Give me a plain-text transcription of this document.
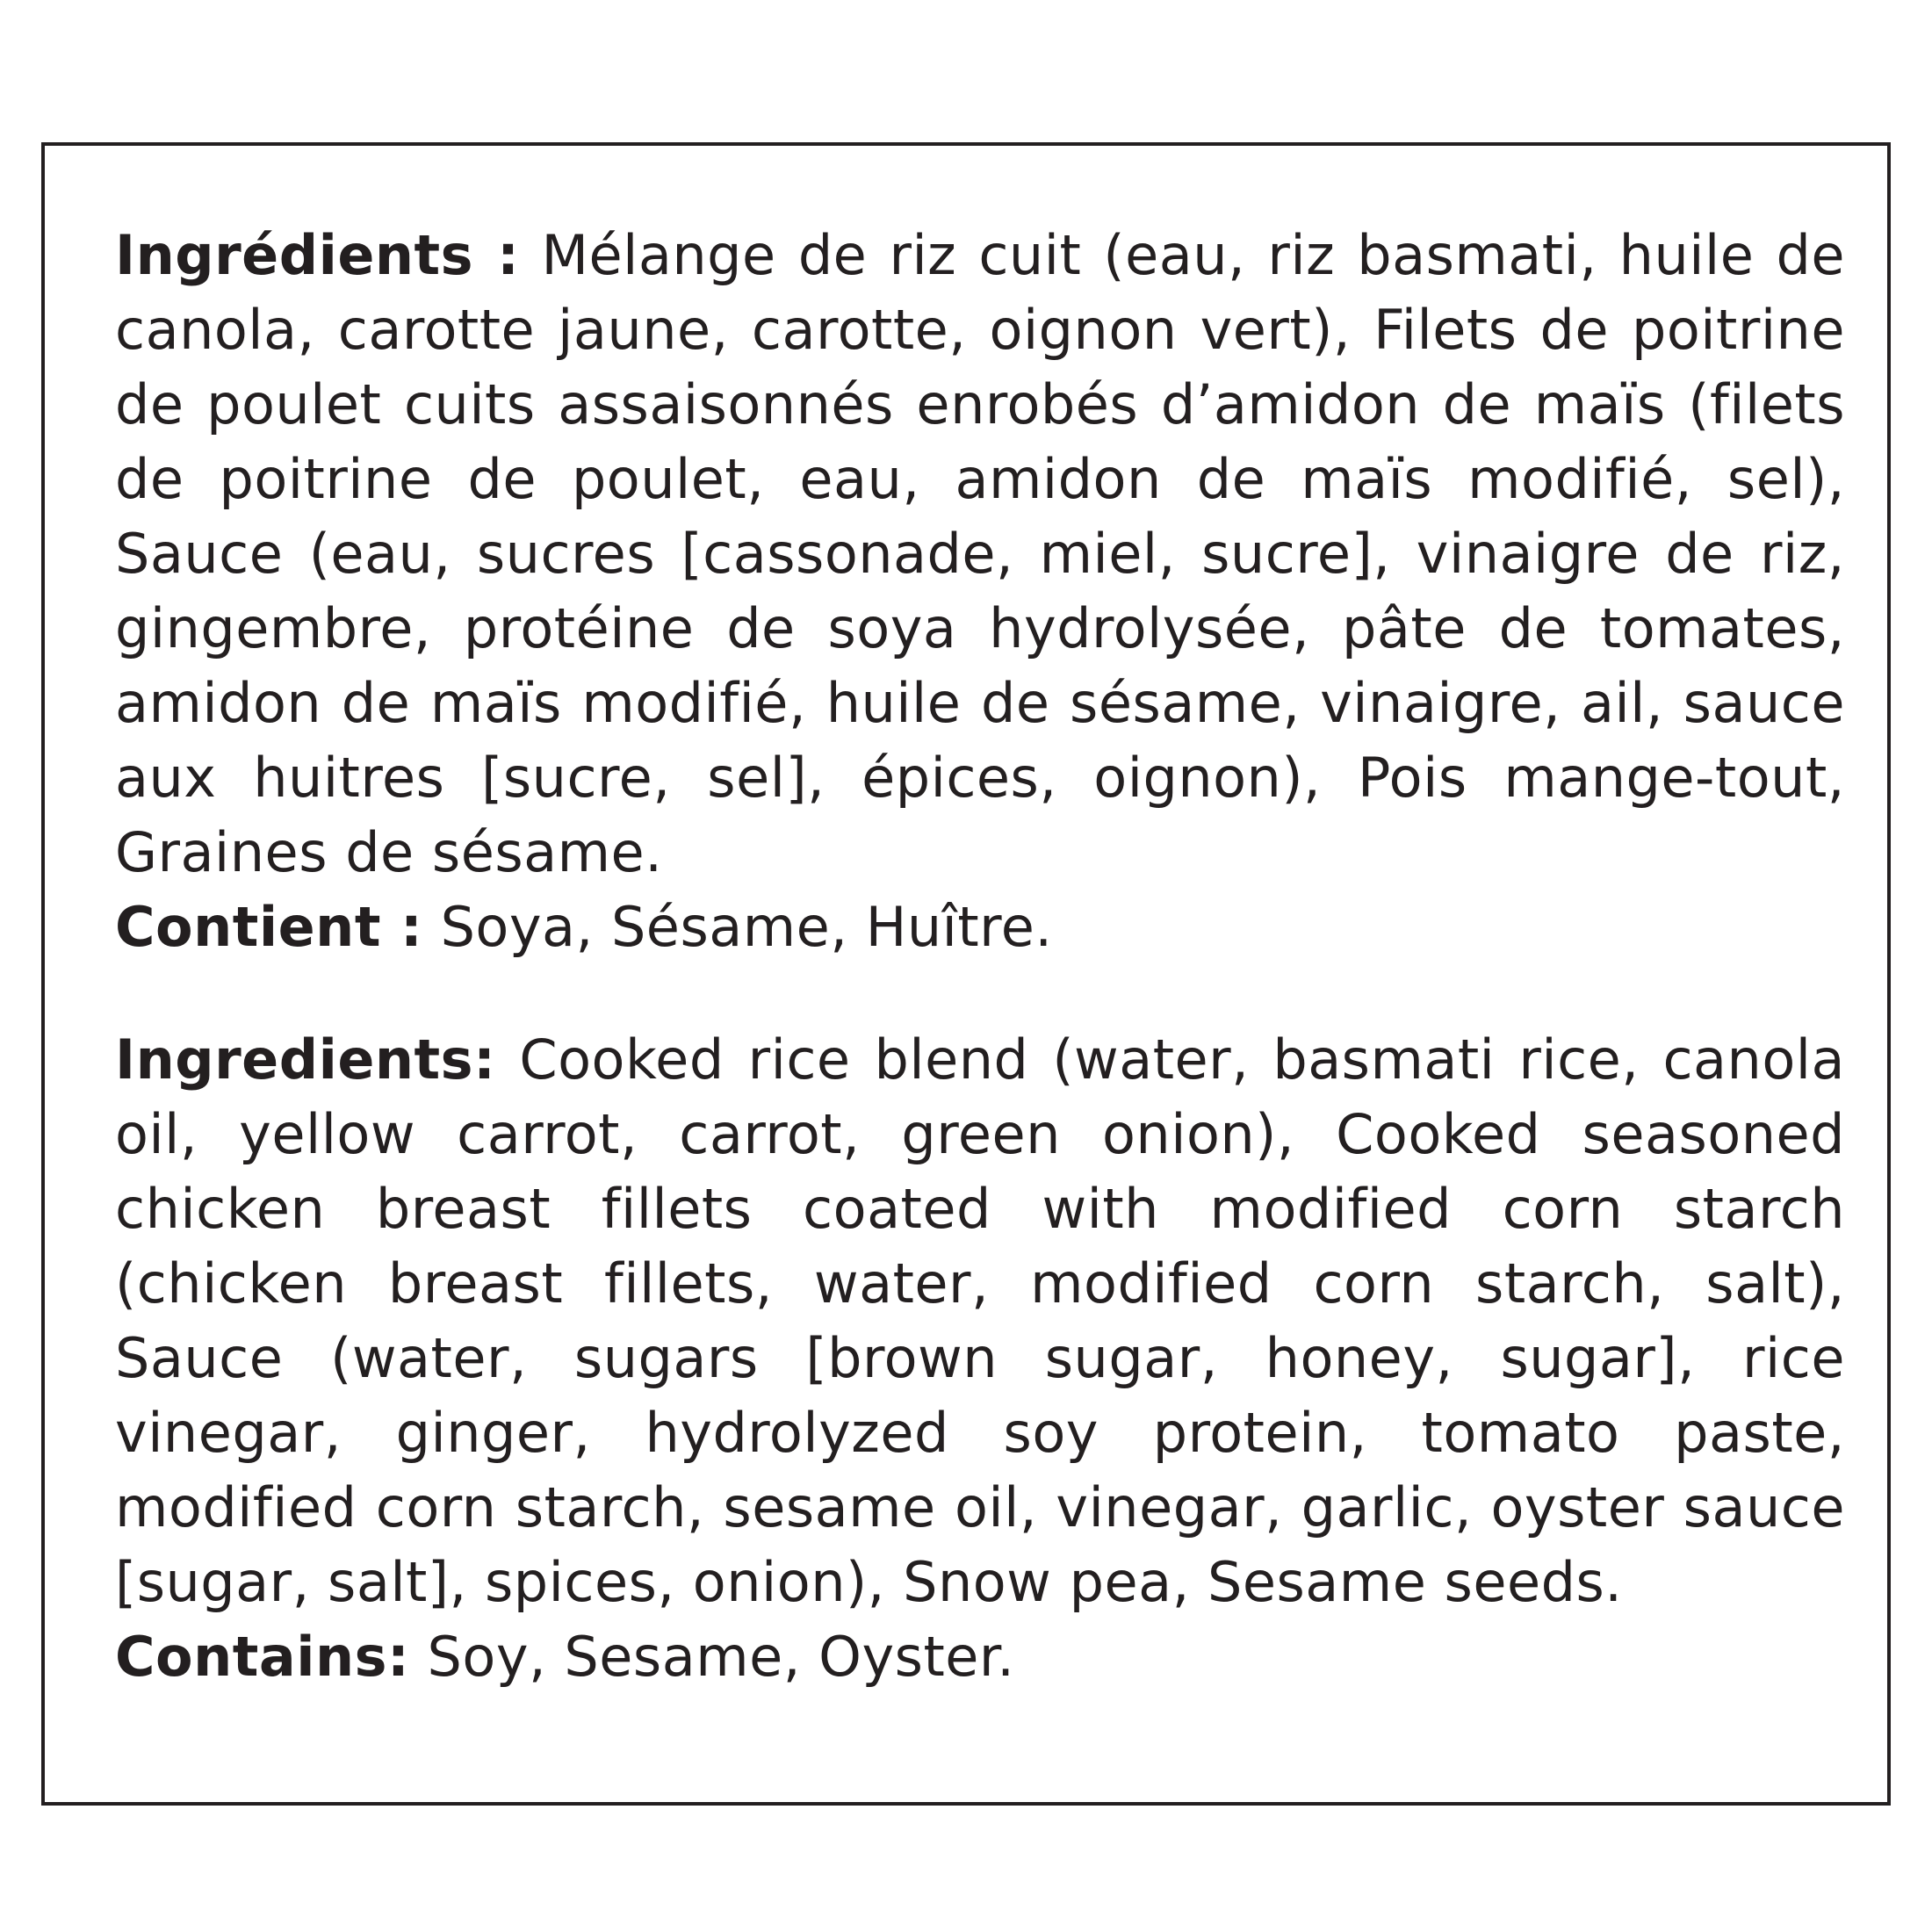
Ingrédients : Mélange de riz cuit (eau, riz basmati, huile de canola, carotte jaune, carotte, oignon vert), Filets de poitrine de poulet cuits assaisonnés enrobés d’amidon de maïs (filets de poitrine de poulet, eau, amidon de maïs modifié, sel), Sauce (eau, sucres [cassonade, miel, sucre], vinaigre de riz, gingembre, protéine de soya hydrolysée, pâte de tomates, amidon de maïs modifié, huile de sésame, vinaigre, ail, sauce aux huitres [sucre, sel], épices, oignon), Pois mange-tout, Graines de sésame.

Contient : Soya, Sésame, Huître.

Ingredients: Cooked rice blend (water, basmati rice, canola oil, yellow carrot, carrot, green onion), Cooked seasoned chicken breast fillets coated with modified corn starch (chicken breast fillets, water, modified corn starch, salt), Sauce (water, sugars [brown sugar, honey, sugar], rice vinegar, ginger, hydrolyzed soy protein, tomato paste, modified corn starch, sesame oil, vinegar, garlic, oyster sauce [sugar, salt], spices, onion), Snow pea, Sesame seeds.

Contains: Soy, Sesame, Oyster.
